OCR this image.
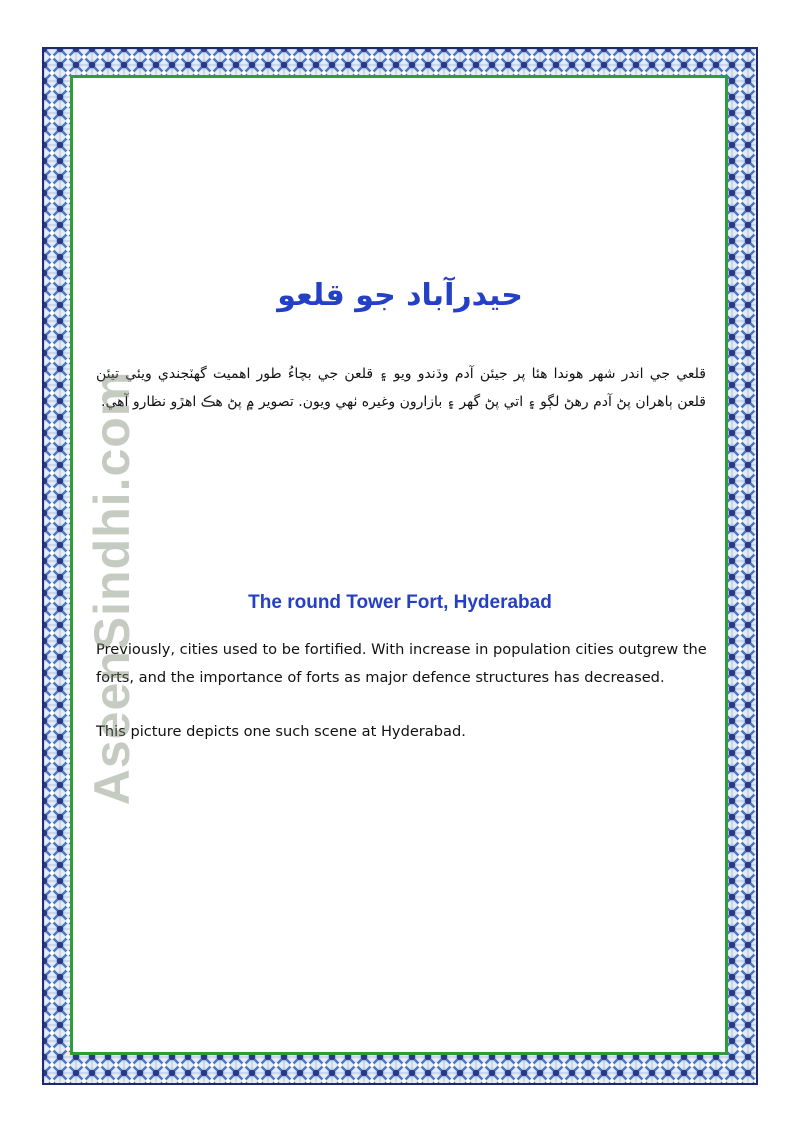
حيدرآباد جو قلعو
قلعي جي اندر شهر هوندا هئا پر جيئن آدم وڌندو ويو ۽ قلعن جي بچاءُ طور اهميت گهٽجندي ويئي تيئن قلعن ٻاهران پڻ آدم رهڻ لڳو ۽ اتي پڻ گهر ۽ بازارون وغيره ٺهي ويون. تصوير ۾ پڻ هڪ اهڙو نظارو آهي.
The round Tower Fort, Hyderabad
Previously, cities used to be fortified. With increase in population cities outgrew the forts, and the importance of forts as major defence structures has decreased.
This picture depicts one such scene at Hyderabad.
AseenSindhi.com
